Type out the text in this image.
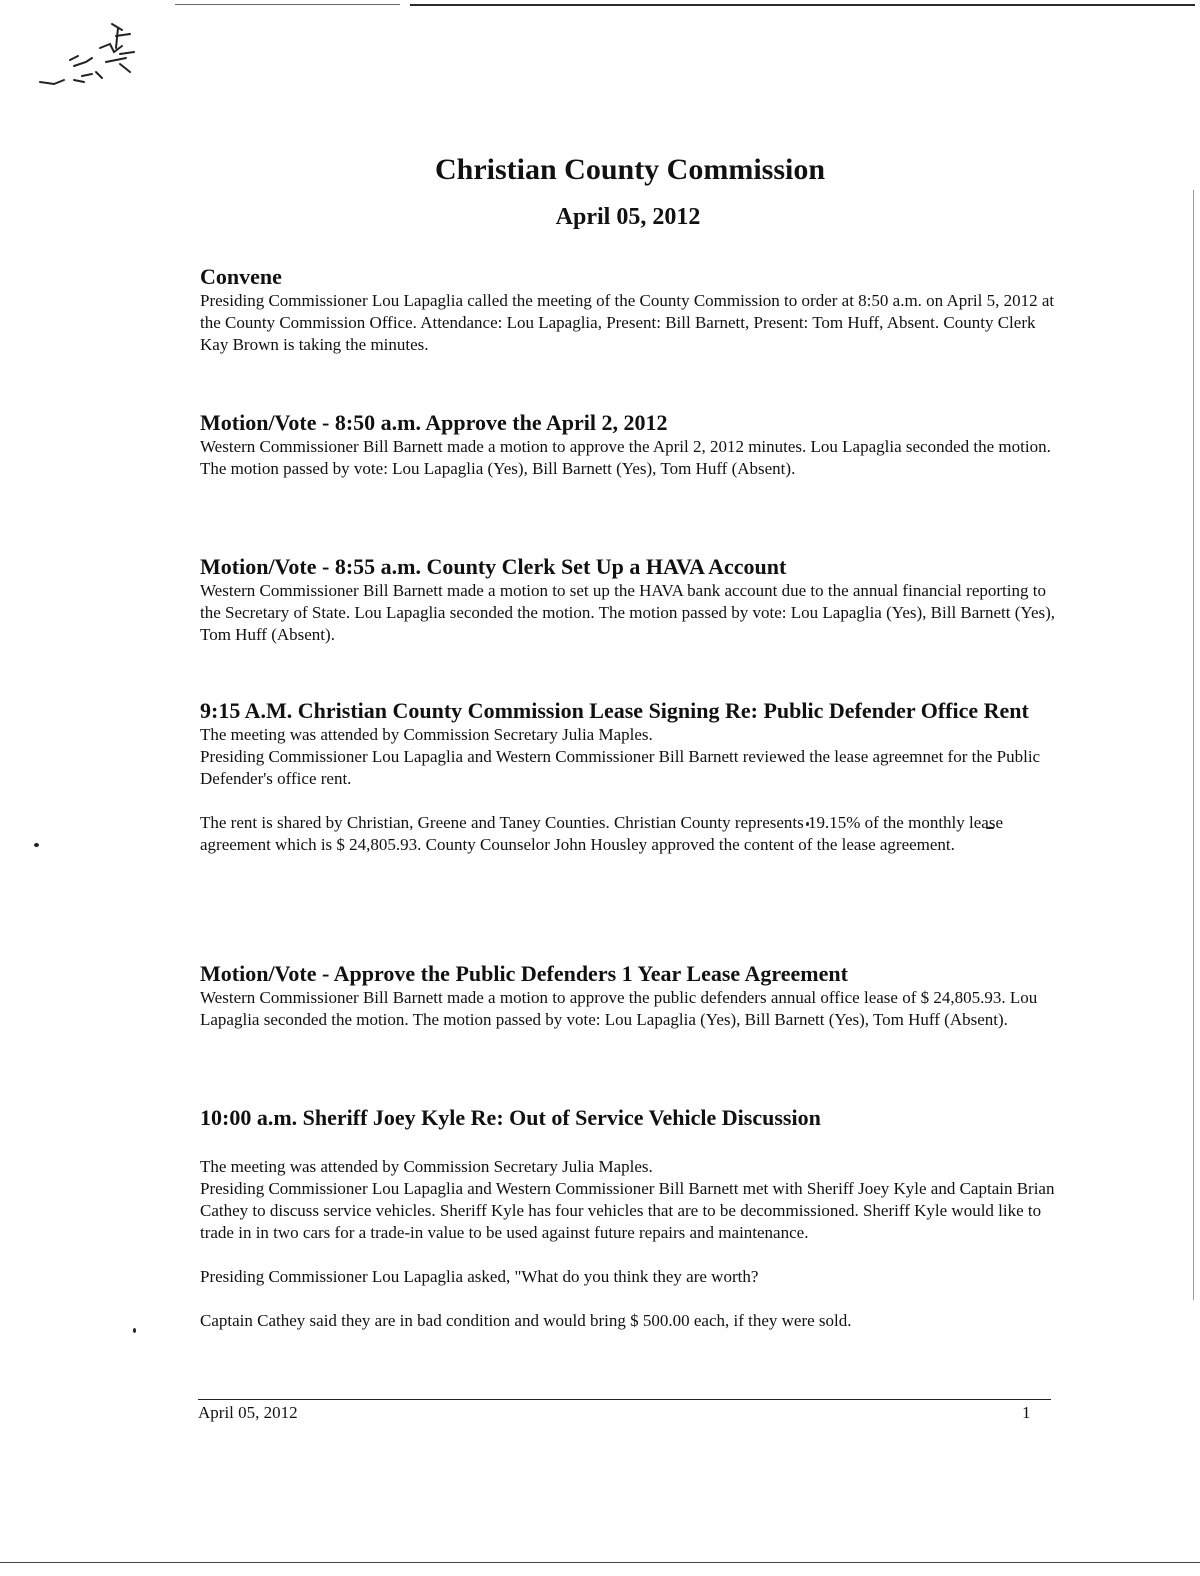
Christian County Commission
April 05, 2012
Convene

Presiding Commissioner Lou Lapaglia called the meeting of the County Commission to order at 8:50 a.m. on April 5, 2012 at the County Commission Office. Attendance: Lou Lapaglia, Present: Bill Barnett, Present: Tom Huff, Absent. County Clerk Kay Brown is taking the minutes.

Motion/Vote - 8:50 a.m. Approve the April 2, 2012

Western Commissioner Bill Barnett made a motion to approve the April 2, 2012 minutes. Lou Lapaglia seconded the motion. The motion passed by vote: Lou Lapaglia (Yes), Bill Barnett (Yes), Tom Huff (Absent).

Motion/Vote - 8:55 a.m. County Clerk Set Up a HAVA Account

Western Commissioner Bill Barnett made a motion to set up the HAVA bank account due to the annual financial reporting to the Secretary of State. Lou Lapaglia seconded the motion. The motion passed by vote: Lou Lapaglia (Yes), Bill Barnett (Yes), Tom Huff (Absent).

9:15 A.M. Christian County Commission Lease Signing Re: Public Defender Office Rent

The meeting was attended by Commission Secretary Julia Maples.

Presiding Commissioner Lou Lapaglia and Western Commissioner Bill Barnett reviewed the lease agreemnet for the Public Defender's office rent.

The rent is shared by Christian, Greene and Taney Counties. Christian County represents 19.15% of the monthly lease agreement which is $ 24,805.93. County Counselor John Housley approved the content of the lease agreement.

Motion/Vote - Approve the Public Defenders 1 Year Lease Agreement

Western Commissioner Bill Barnett made a motion to approve the public defenders annual office lease of $ 24,805.93. Lou Lapaglia seconded the motion. The motion passed by vote: Lou Lapaglia (Yes), Bill Barnett (Yes), Tom Huff (Absent).

10:00 a.m. Sheriff Joey Kyle Re: Out of Service Vehicle Discussion

The meeting was attended by Commission Secretary Julia Maples.

Presiding Commissioner Lou Lapaglia and Western Commissioner Bill Barnett met with Sheriff Joey Kyle and Captain Brian Cathey to discuss service vehicles. Sheriff Kyle has four vehicles that are to be decommissioned. Sheriff Kyle would like to trade in in two cars for a trade-in value to be used against future repairs and maintenance.

Presiding Commissioner Lou Lapaglia asked, "What do you think they are worth?

Captain Cathey said they are in bad condition and would bring $ 500.00 each, if they were sold.

April 05, 2012	1
